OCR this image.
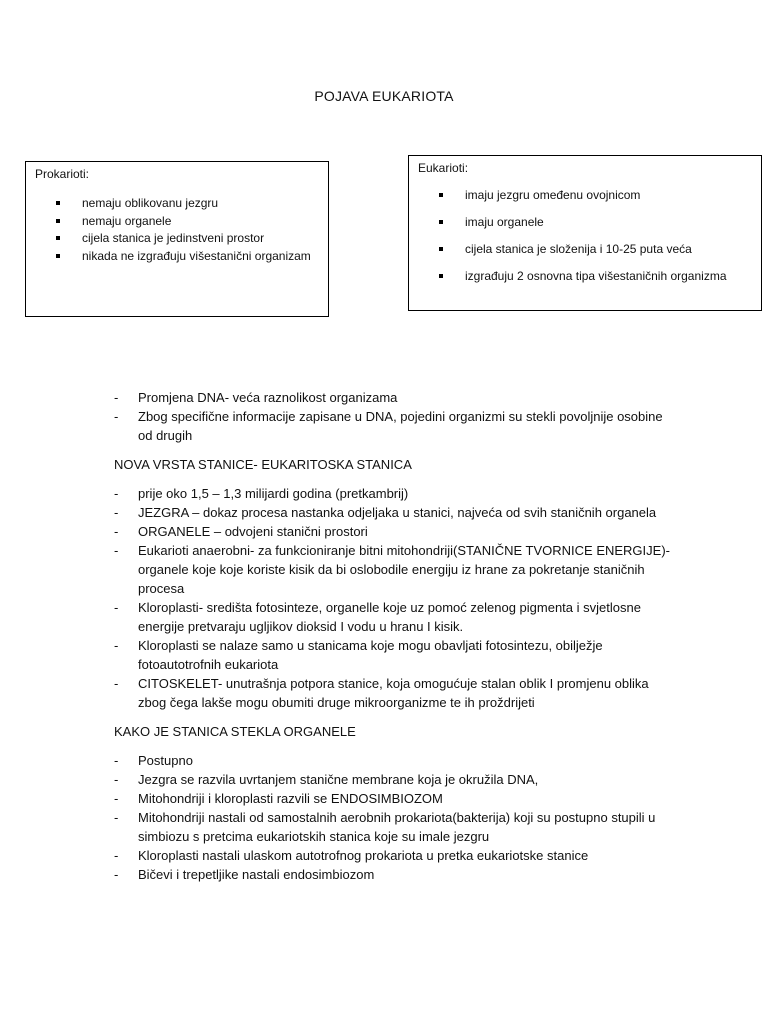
POJAVA EUKARIOTA
Prokarioti:
nemaju oblikovanu jezgru
nemaju organele
cijela stanica je jedinstveni prostor
nikada ne izgrađuju višestanični organizam
Eukarioti:
imaju jezgru omeđenu ovojnicom
imaju organele
cijela stanica je složenija i 10-25 puta veća
izgrađuju 2 osnovna tipa višestaničnih organizma
- Promjena DNA- veća raznolikost organizama
- Zbog specifične informacije zapisane u DNA, pojedini organizmi su stekli povoljnije osobine od drugih
NOVA VRSTA STANICE- EUKARITOSKA STANICA
- prije oko 1,5 – 1,3 milijardi godina (pretkambrij)
- JEZGRA – dokaz procesa nastanka odjeljaka u stanici, najveća od svih staničnih organela
- ORGANELE – odvojeni stanični prostori
- Eukarioti anaerobni- za funkcioniranje bitni mitohondriji(STANIČNE TVORNICE ENERGIJE)- organele koje koje koriste kisik da bi oslobodile energiju iz hrane za pokretanje staničnih procesa
- Kloroplasti- središta fotosinteze, organelle koje uz pomoć zelenog pigmenta i svjetlosne energije pretvaraju ugljikov dioksid I vodu u hranu I kisik.
- Kloroplasti se nalaze samo u stanicama koje mogu obavljati fotosintezu, obilježje fotoautotrofnih eukariota
- CITOSKELET- unutrašnja potpora stanice, koja omogućuje stalan oblik I promjenu oblika zbog čega lakše mogu obumiti druge mikroorganizme te ih proždrijeti
KAKO JE STANICA STEKLA ORGANELE
- Postupno
- Jezgra se razvila uvrtanjem stanične membrane koja je okružila DNA,
- Mitohondriji i kloroplasti razvili se ENDOSIMBIOZOM
- Mitohondriji nastali od samostalnih aerobnih prokariota(bakterija) koji su postupno stupili u simbiozu s pretcima eukariotskih stanica koje su imale jezgru
- Kloroplasti nastali ulaskom autotrofnog prokariota u pretka eukariotske stanice
- Bičevi i trepetljike nastali endosimbiozom
